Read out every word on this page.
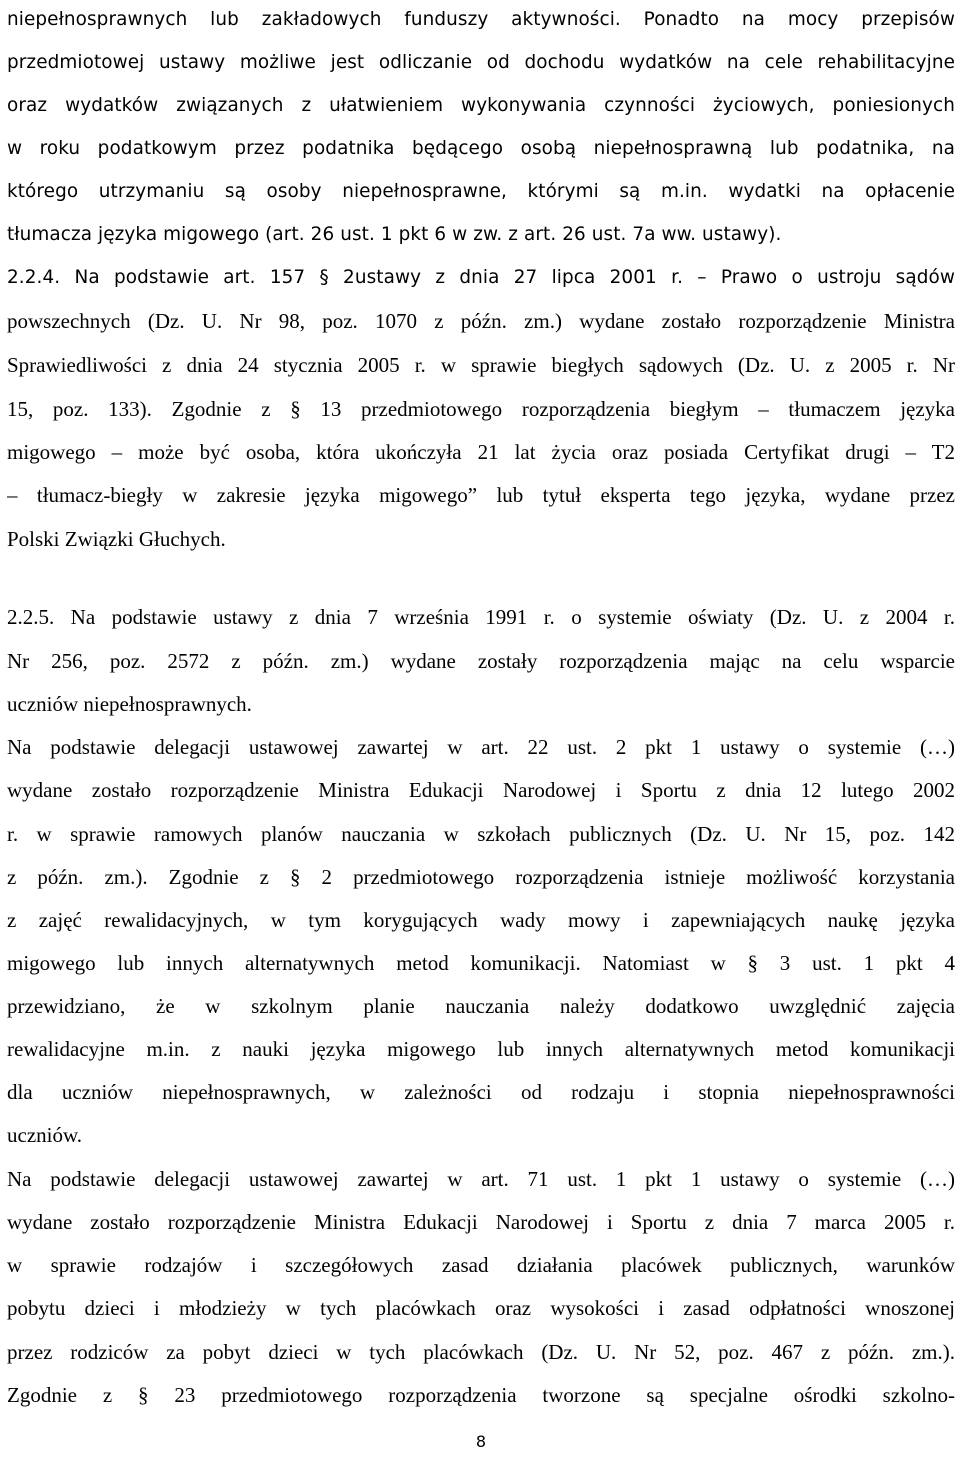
niepełnosprawnych lub zakładowych funduszy aktywności. Ponadto na mocy przepisów
przedmiotowej ustawy możliwe jest odliczanie od dochodu wydatków na cele rehabilitacyjne
oraz wydatków związanych z ułatwieniem wykonywania czynności życiowych, poniesionych
w roku podatkowym przez podatnika będącego osobą niepełnosprawną lub podatnika, na
którego utrzymaniu są osoby niepełnosprawne, którymi są m.in. wydatki na opłacenie
tłumacza języka migowego (art. 26 ust. 1 pkt 6 w zw. z art. 26 ust. 7a ww. ustawy).
2.2.4. Na podstawie art. 157 § 2ustawy z dnia 27 lipca 2001 r. – Prawo o ustroju sądów
powszechnych (Dz. U. Nr 98, poz. 1070 z późn. zm.) wydane zostało rozporządzenie Ministra
Sprawiedliwości z dnia 24 stycznia 2005 r. w sprawie biegłych sądowych (Dz. U. z 2005 r. Nr
15, poz. 133). Zgodnie z § 13 przedmiotowego rozporządzenia biegłym – tłumaczem języka
migowego – może być osoba, która ukończyła 21 lat życia oraz posiada Certyfikat drugi – T2
– tłumacz-biegły w zakresie języka migowego” lub tytuł eksperta tego języka, wydane przez
Polski Związki Głuchych.
2.2.5. Na podstawie ustawy z dnia 7 września 1991 r. o systemie oświaty (Dz. U. z 2004 r.
Nr 256, poz. 2572 z późn. zm.) wydane zostały rozporządzenia mając na celu wsparcie
uczniów niepełnosprawnych.
Na podstawie delegacji ustawowej zawartej w art. 22 ust. 2 pkt 1 ustawy o systemie (…)
wydane zostało rozporządzenie Ministra Edukacji Narodowej i Sportu z dnia 12 lutego 2002
r. w sprawie ramowych planów nauczania w szkołach publicznych (Dz. U. Nr 15, poz. 142
z późn. zm.). Zgodnie z § 2 przedmiotowego rozporządzenia istnieje możliwość korzystania
z zajęć rewalidacyjnych, w tym korygujących wady mowy i zapewniających naukę języka
migowego lub innych alternatywnych metod komunikacji. Natomiast w § 3 ust. 1 pkt 4
przewidziano, że w szkolnym planie nauczania należy dodatkowo uwzględnić zajęcia
rewalidacyjne m.in. z nauki języka migowego lub innych alternatywnych metod komunikacji
dla uczniów niepełnosprawnych, w zależności od rodzaju i stopnia niepełnosprawności
uczniów.
Na podstawie delegacji ustawowej zawartej w art. 71 ust. 1 pkt 1 ustawy o systemie (…)
wydane zostało rozporządzenie Ministra Edukacji Narodowej i Sportu z dnia 7 marca 2005 r.
w sprawie rodzajów i szczegółowych zasad działania placówek publicznych, warunków
pobytu dzieci i młodzieży w tych placówkach oraz wysokości i zasad odpłatności wnoszonej
przez rodziców za pobyt dzieci w tych placówkach (Dz. U. Nr 52, poz. 467 z późn. zm.).
Zgodnie z § 23 przedmiotowego rozporządzenia tworzone są specjalne ośrodki szkolno-
8
